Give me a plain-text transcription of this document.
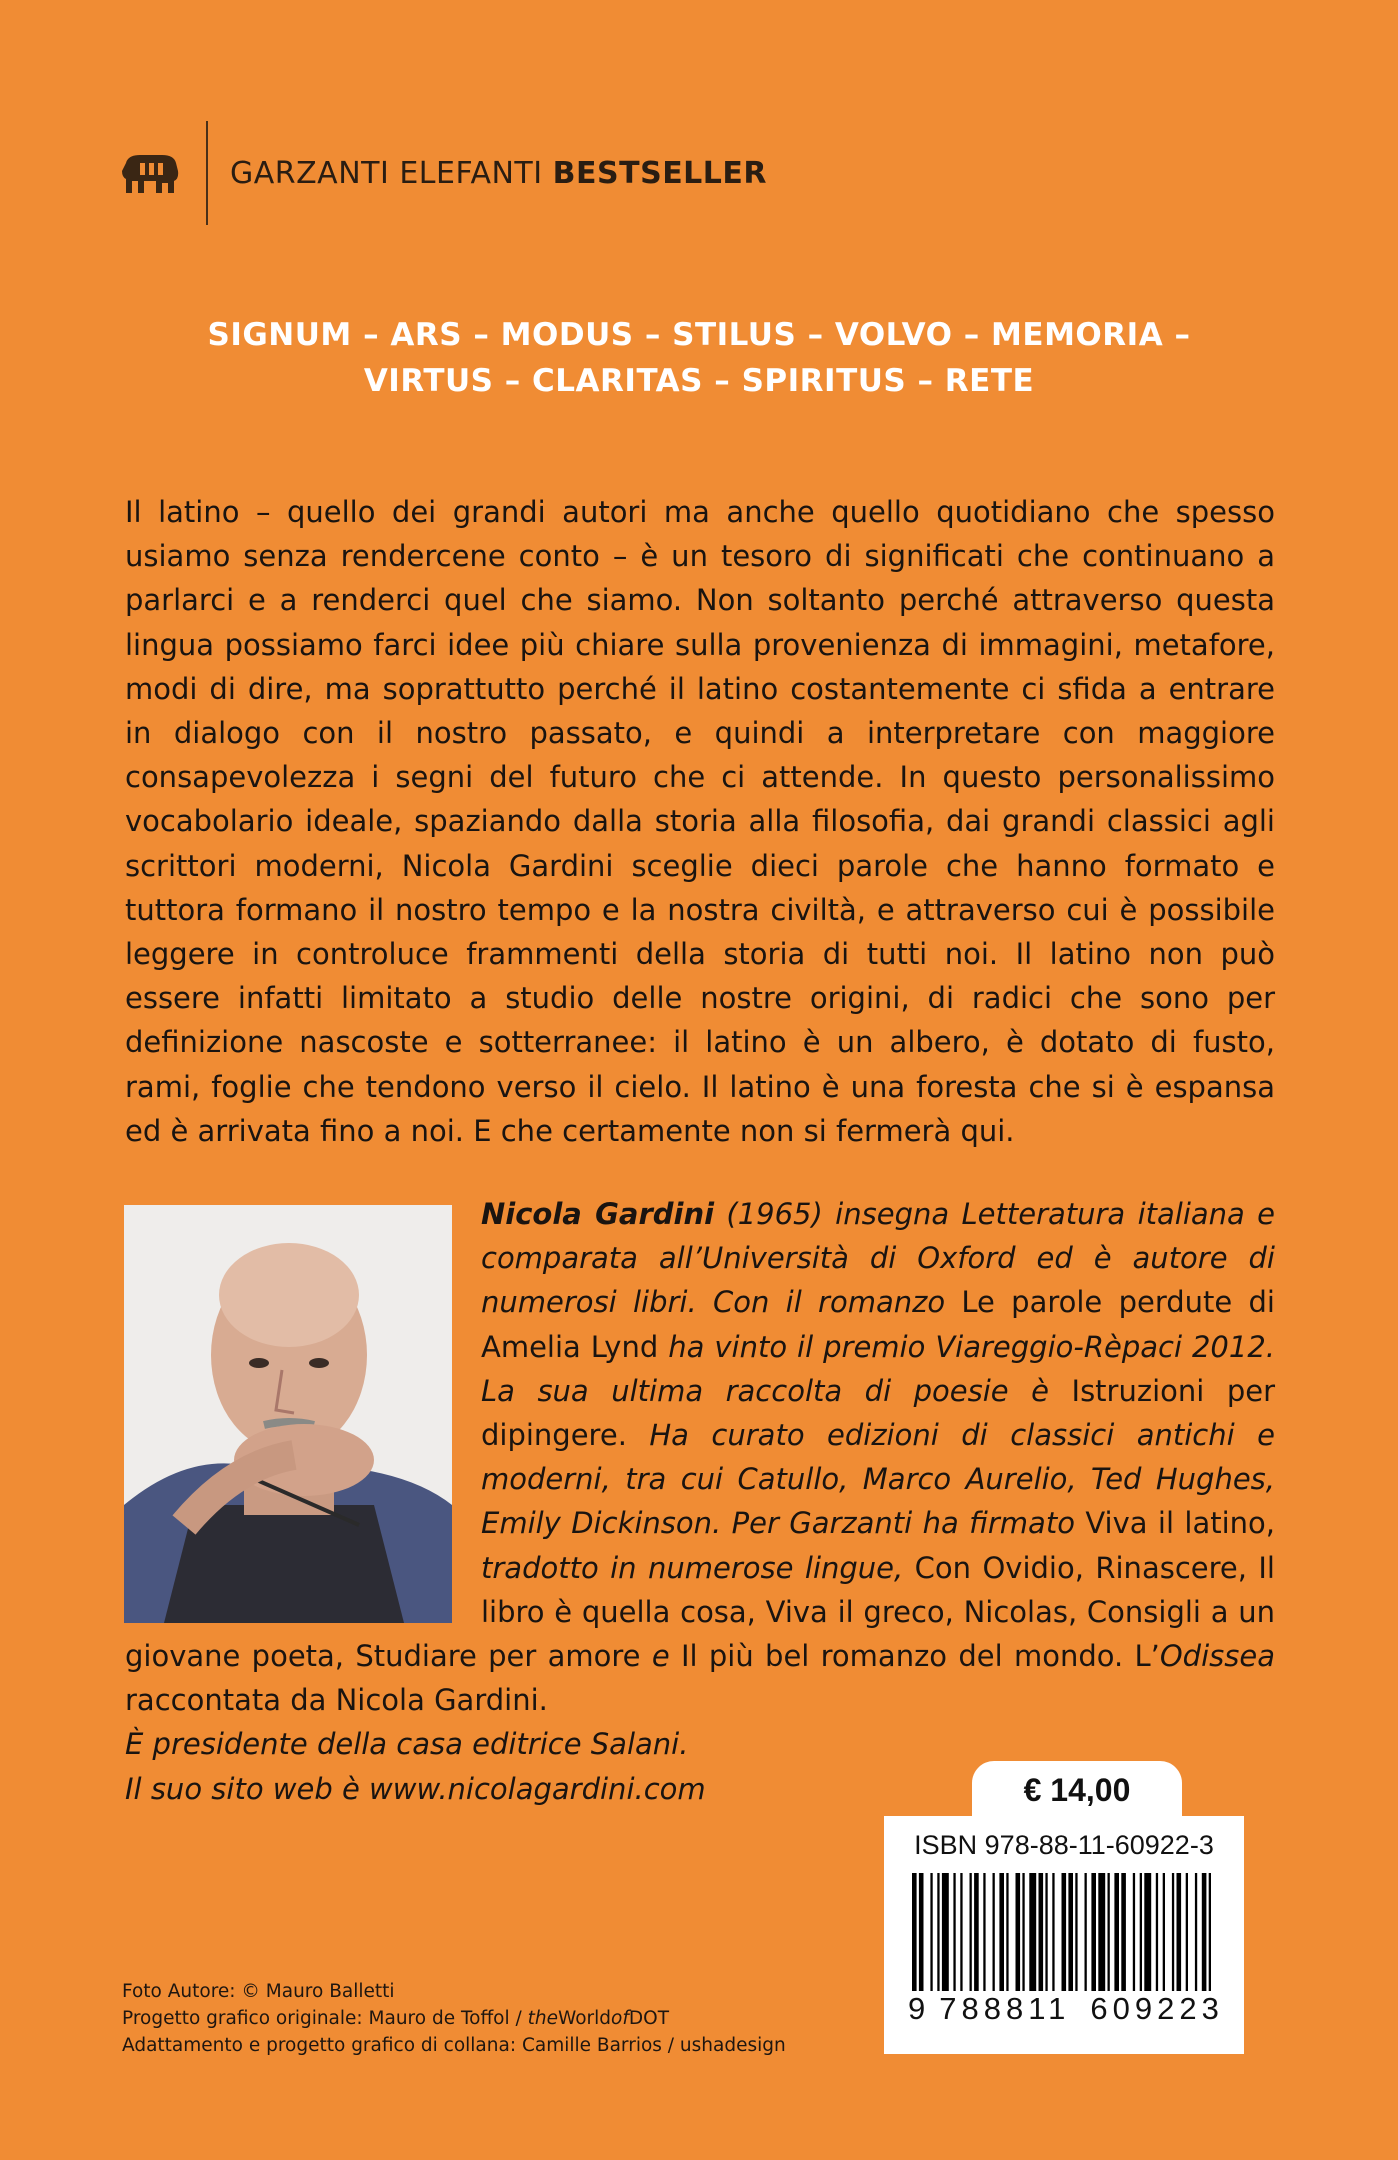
GARZANTI ELEFANTI BESTSELLER
SIGNUM – ARS – MODUS – STILUS – VOLVO – MEMORIA –
VIRTUS – CLARITAS – SPIRITUS – RETE

Il latino – quello dei grandi autori ma anche quello quotidiano che spesso usiamo senza rendercene conto – è un tesoro di significati che continuano a parlarci e a renderci quel che siamo. Non soltanto perché attraverso questa lingua possiamo farci idee più chiare sulla provenienza di immagini, metafore, modi di dire, ma soprattutto perché il latino costantemente ci sfida a entrare in dialogo con il nostro passato, e quindi a interpretare con maggiore consapevolezza i segni del futuro che ci attende. In questo personalissimo vocabolario ideale, spaziando dalla storia alla filosofia, dai grandi classici agli scrittori moderni, Nicola Gardini sceglie dieci parole che hanno formato e tuttora formano il nostro tempo e la nostra civiltà, e attraverso cui è possibile leggere in controluce frammenti della storia di tutti noi. Il latino non può essere infatti limitato a studio delle nostre origini, di radici che sono per definizione nascoste e sotterranee: il latino è un albero, è dotato di fusto, rami, foglie che tendono verso il cielo. Il latino è una foresta che si è espansa ed è arrivata fino a noi. E che certamente non si fermerà qui.

Nicola Gardini (1965) insegna Letteratura italiana e comparata all’Università di Oxford ed è autore di numerosi libri. Con il romanzo Le parole perdute di Amelia Lynd ha vinto il premio Viareggio-Rèpaci 2012. La sua ultima raccolta di poesie è Istruzioni per dipingere. Ha curato edizioni di classici antichi e moderni, tra cui Catullo, Marco Aurelio, Ted Hughes, Emily Dickinson. Per Garzanti ha firmato Viva il latino, tradotto in numerose lingue, Con Ovidio, Rinascere, Il libro è quella cosa, Viva il greco, Nicolas, Consigli a un giovane poeta, Studiare per amore e Il più bel romanzo del mondo. L’Odissea raccontata da Nicola Gardini.
È presidente della casa editrice Salani.
Il suo sito web è www.nicolagardini.com	€ 14,00
ISBN 978-88-11-60922-3
9 788811 609223
Foto Autore: © Mauro Balletti
Progetto grafico originale: Mauro de Toffol / theWorldofDOT
Adattamento e progetto grafico di collana: Camille Barrios / ushadesign
